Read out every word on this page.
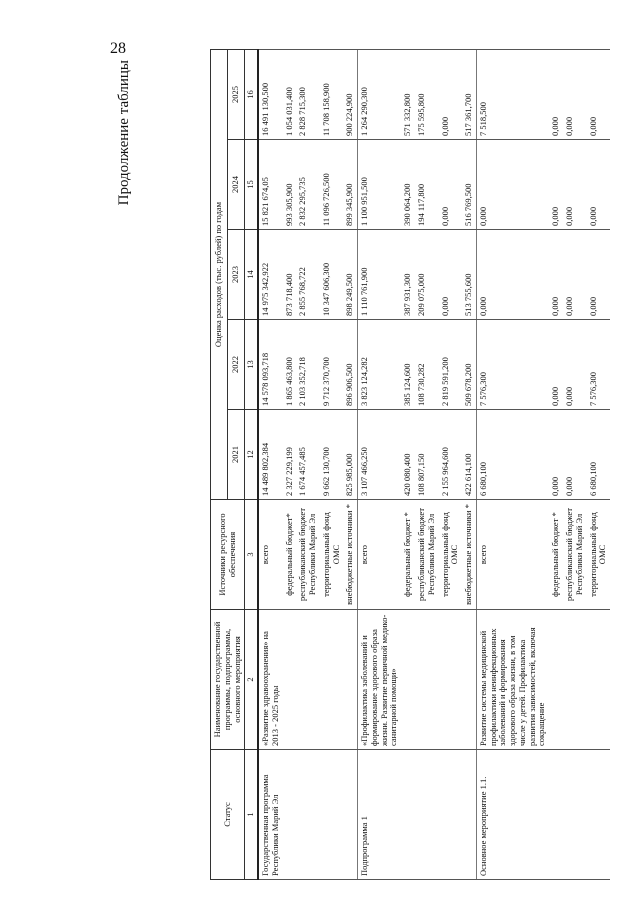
28
Продолжение таблицы
Статус	Наименование государственной программы, подпрограммы, основного мероприятия	Источники ресурсного обеспечения	Оценка расходов (тыс. рублей) по годам				
			2021	2022	2023	2024	2025
1	2	3	12	13	14	15	16
Государственная программа Республики Марий Эл	«Развитие здравоохранения» на 2013 - 2025 годы	всего	14 489 802,384	14 578 093,718	14 975 342,922	15 821 674,05	16 491 130,500
		федеральный бюджет*	2 327 229,199	1 865 463,800	873 718,400	993 305,900	1 054 031,400
		республиканский бюджет Республики Марий Эл	1 674 457,485	2 103 352,718	2 855 768,722	2 832 295,735	2 828 715,300
		территориальный фонд ОМС	9 662 130,700	9 712 370,700	10 347 606,300	11 096 726,500	11 708 158,900
		внебюджетные источники *	825 985,000	896 906,500	898 249,500	899 345,900	900 224,900
Подпрограмма 1	«Профилактика заболеваний и формирование здорового образа жизни. Развитие первичной медико-санитарной помощи»	всего	3 107 466,250	3 823 124,282	1 110 761,900	1 100 951,500	1 264 290,300
		федеральный бюджет *	420 080,400	385 124,600	387 931,300	390 064,200	571 332,800
		республиканский бюджет Республики Марий Эл	108 807,150	108 730,282	209 075,000	194 117,800	175 595,800
		территориальный фонд ОМС	2 155 964,600	2 819 591,200	0,000	0,000	0,000
		внебюджетные источники *	422 614,100	509 678,200	513 755,600	516 769,500	517 361,700
Основное мероприятие 1.1.	Развитие системы медицинской профилактики неинфекционных заболеваний и формирования здорового образа жизни, в том числе у детей. Профилактика развития зависимостей, включая сокращение	всего	6 680,100	7 576,300	0,000	0,000	7 518,500
		федеральный бюджет *	0,000	0,000	0,000	0,000	0,000
		республиканский бюджет Республики Марий Эл	0,000	0,000	0,000	0,000	0,000
		территориальный фонд ОМС	6 680,100	7 576,300	0,000	0,000	0,000
